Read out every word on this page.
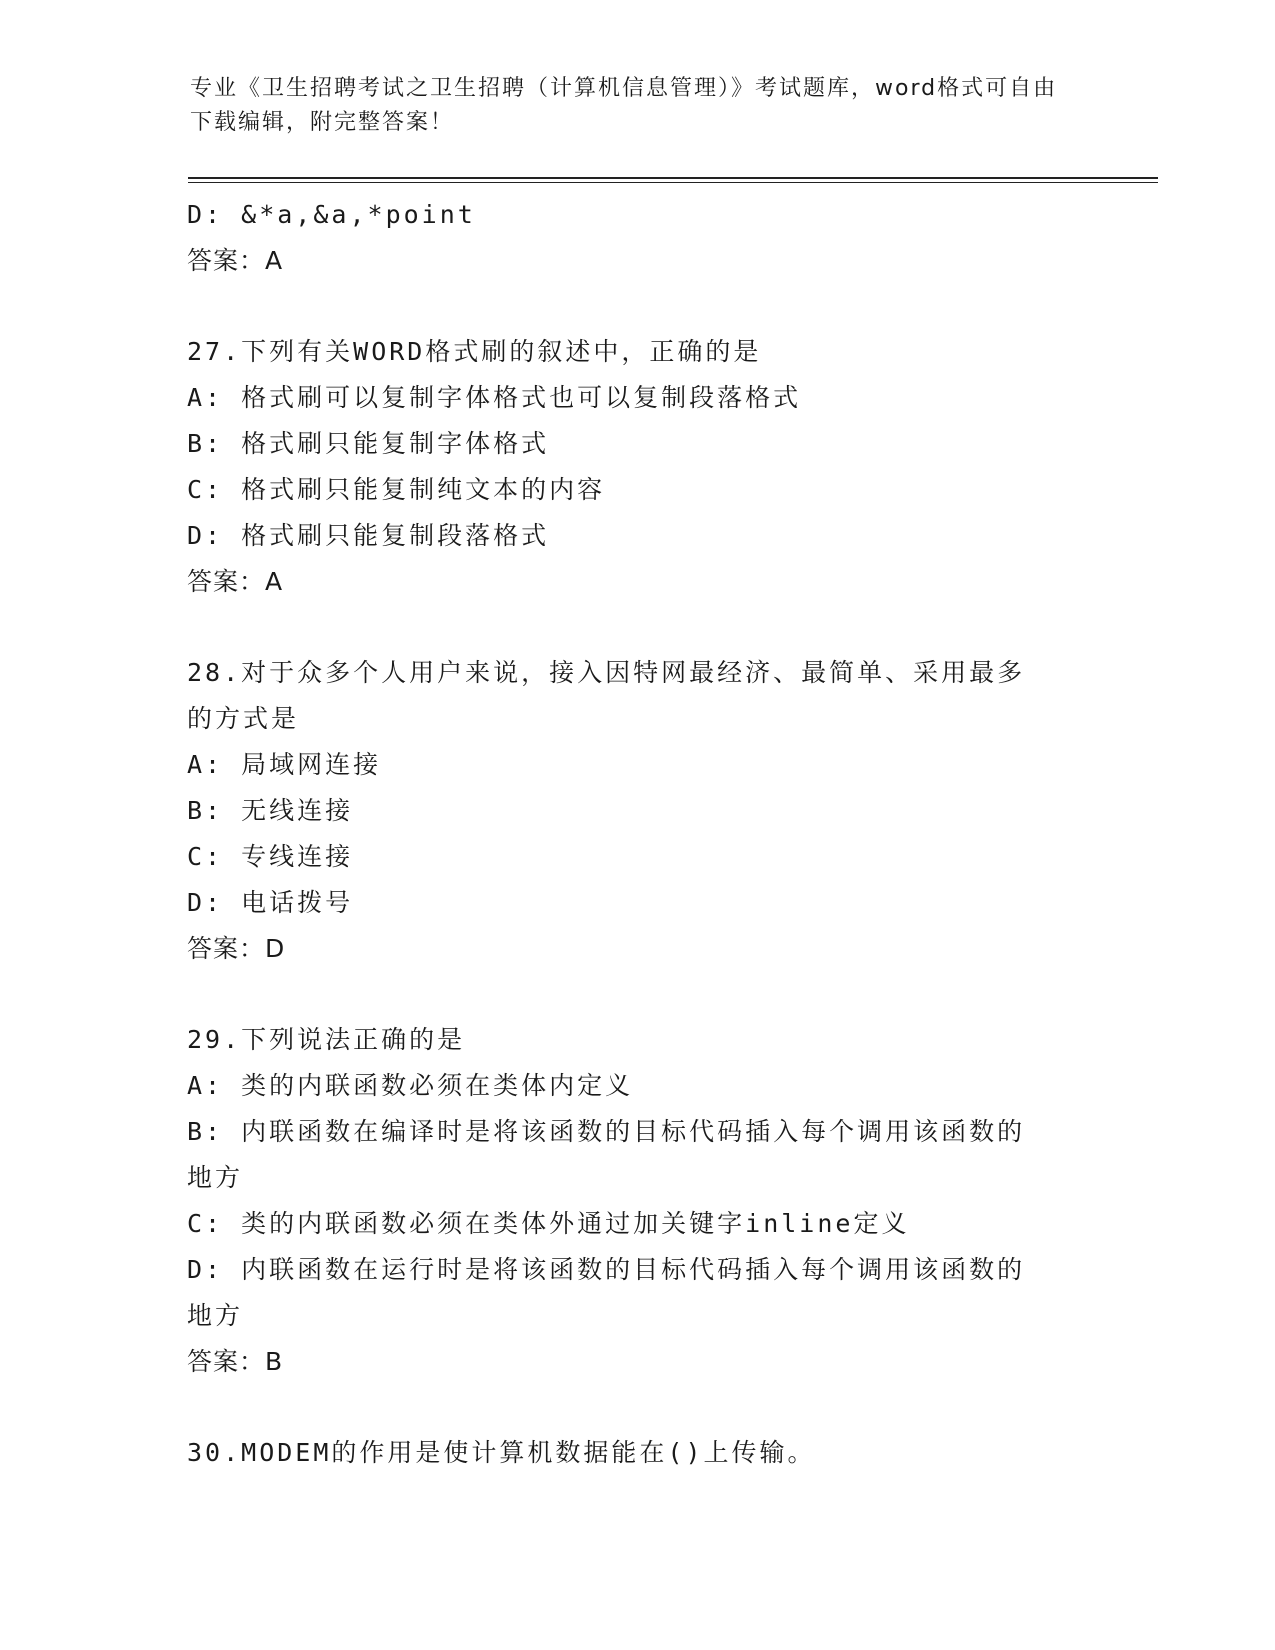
专业《卫生招聘考试之卫生招聘（计算机信息管理）》考试题库，word格式可自由下载编辑，附完整答案！
D: &*a,&a,*point
答案：A
27.下列有关WORD格式刷的叙述中，正确的是
A: 格式刷可以复制字体格式也可以复制段落格式
B: 格式刷只能复制字体格式
C: 格式刷只能复制纯文本的内容
D: 格式刷只能复制段落格式
答案：A
28.对于众多个人用户来说，接入因特网最经济、最简单、采用最多的方式是
A: 局域网连接
B: 无线连接
C: 专线连接
D: 电话拨号
答案：D
29.下列说法正确的是
A: 类的内联函数必须在类体内定义
B: 内联函数在编译时是将该函数的目标代码插入每个调用该函数的地方
C: 类的内联函数必须在类体外通过加关键字inline定义
D: 内联函数在运行时是将该函数的目标代码插入每个调用该函数的地方
答案：B
30.MODEM的作用是使计算机数据能在()上传输。
